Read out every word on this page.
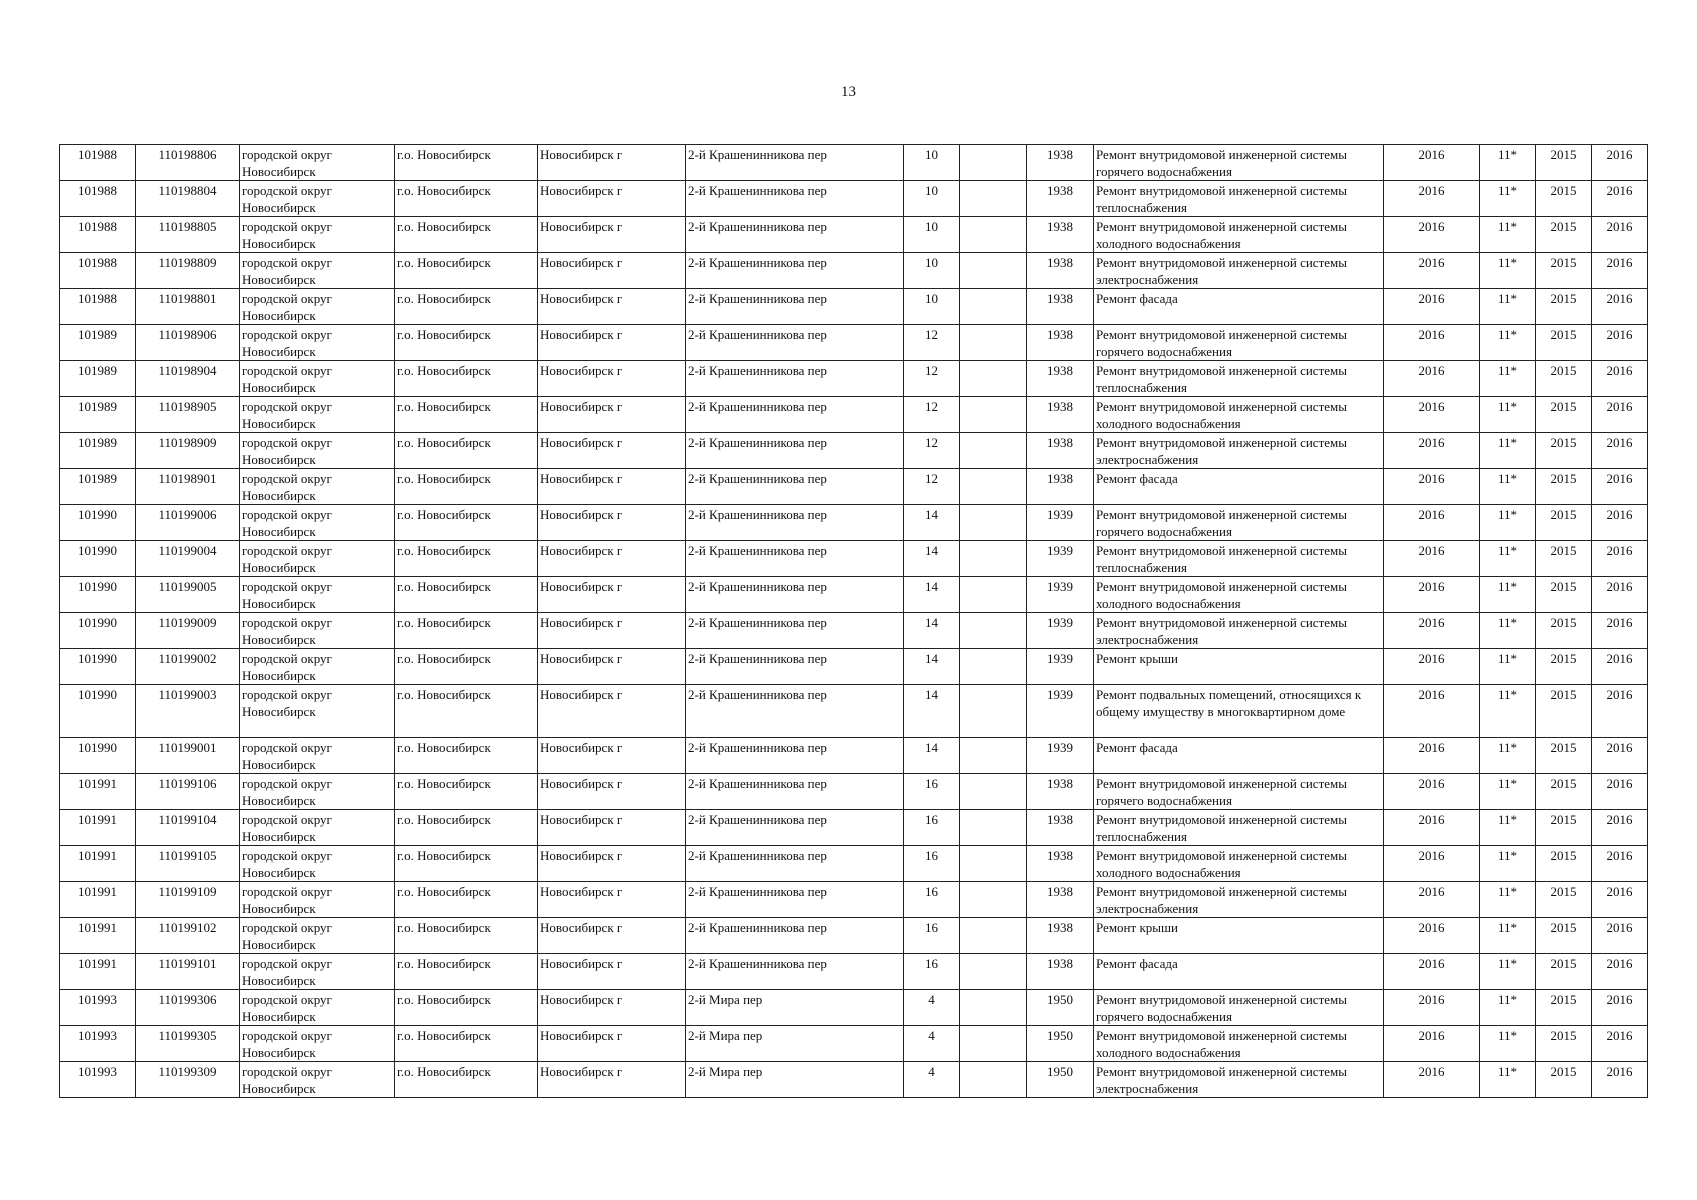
13
101988	110198806	городской округ Новосибирск	г.о. Новосибирск	Новосибирск г	2-й Крашенинникова пер	10		1938	Ремонт внутридомовой инженерной системы горячего водоснабжения	2016	11*	2015	2016
101988	110198804	городской округ Новосибирск	г.о. Новосибирск	Новосибирск г	2-й Крашенинникова пер	10		1938	Ремонт внутридомовой инженерной системы теплоснабжения	2016	11*	2015	2016
101988	110198805	городской округ Новосибирск	г.о. Новосибирск	Новосибирск г	2-й Крашенинникова пер	10		1938	Ремонт внутридомовой инженерной системы холодного водоснабжения	2016	11*	2015	2016
101988	110198809	городской округ Новосибирск	г.о. Новосибирск	Новосибирск г	2-й Крашенинникова пер	10		1938	Ремонт внутридомовой инженерной системы электроснабжения	2016	11*	2015	2016
101988	110198801	городской округ Новосибирск	г.о. Новосибирск	Новосибирск г	2-й Крашенинникова пер	10		1938	Ремонт фасада	2016	11*	2015	2016
101989	110198906	городской округ Новосибирск	г.о. Новосибирск	Новосибирск г	2-й Крашенинникова пер	12		1938	Ремонт внутридомовой инженерной системы горячего водоснабжения	2016	11*	2015	2016
101989	110198904	городской округ Новосибирск	г.о. Новосибирск	Новосибирск г	2-й Крашенинникова пер	12		1938	Ремонт внутридомовой инженерной системы теплоснабжения	2016	11*	2015	2016
101989	110198905	городской округ Новосибирск	г.о. Новосибирск	Новосибирск г	2-й Крашенинникова пер	12		1938	Ремонт внутридомовой инженерной системы холодного водоснабжения	2016	11*	2015	2016
101989	110198909	городской округ Новосибирск	г.о. Новосибирск	Новосибирск г	2-й Крашенинникова пер	12		1938	Ремонт внутридомовой инженерной системы электроснабжения	2016	11*	2015	2016
101989	110198901	городской округ Новосибирск	г.о. Новосибирск	Новосибирск г	2-й Крашенинникова пер	12		1938	Ремонт фасада	2016	11*	2015	2016
101990	110199006	городской округ Новосибирск	г.о. Новосибирск	Новосибирск г	2-й Крашенинникова пер	14		1939	Ремонт внутридомовой инженерной системы горячего водоснабжения	2016	11*	2015	2016
101990	110199004	городской округ Новосибирск	г.о. Новосибирск	Новосибирск г	2-й Крашенинникова пер	14		1939	Ремонт внутридомовой инженерной системы теплоснабжения	2016	11*	2015	2016
101990	110199005	городской округ Новосибирск	г.о. Новосибирск	Новосибирск г	2-й Крашенинникова пер	14		1939	Ремонт внутридомовой инженерной системы холодного водоснабжения	2016	11*	2015	2016
101990	110199009	городской округ Новосибирск	г.о. Новосибирск	Новосибирск г	2-й Крашенинникова пер	14		1939	Ремонт внутридомовой инженерной системы электроснабжения	2016	11*	2015	2016
101990	110199002	городской округ Новосибирск	г.о. Новосибирск	Новосибирск г	2-й Крашенинникова пер	14		1939	Ремонт крыши	2016	11*	2015	2016
101990	110199003	городской округ Новосибирск	г.о. Новосибирск	Новосибирск г	2-й Крашенинникова пер	14		1939	Ремонт подвальных помещений, относящихся к общему имуществу в многоквартирном доме	2016	11*	2015	2016
101990	110199001	городской округ Новосибирск	г.о. Новосибирск	Новосибирск г	2-й Крашенинникова пер	14		1939	Ремонт фасада	2016	11*	2015	2016
101991	110199106	городской округ Новосибирск	г.о. Новосибирск	Новосибирск г	2-й Крашенинникова пер	16		1938	Ремонт внутридомовой инженерной системы горячего водоснабжения	2016	11*	2015	2016
101991	110199104	городской округ Новосибирск	г.о. Новосибирск	Новосибирск г	2-й Крашенинникова пер	16		1938	Ремонт внутридомовой инженерной системы теплоснабжения	2016	11*	2015	2016
101991	110199105	городской округ Новосибирск	г.о. Новосибирск	Новосибирск г	2-й Крашенинникова пер	16		1938	Ремонт внутридомовой инженерной системы холодного водоснабжения	2016	11*	2015	2016
101991	110199109	городской округ Новосибирск	г.о. Новосибирск	Новосибирск г	2-й Крашенинникова пер	16		1938	Ремонт внутридомовой инженерной системы электроснабжения	2016	11*	2015	2016
101991	110199102	городской округ Новосибирск	г.о. Новосибирск	Новосибирск г	2-й Крашенинникова пер	16		1938	Ремонт крыши	2016	11*	2015	2016
101991	110199101	городской округ Новосибирск	г.о. Новосибирск	Новосибирск г	2-й Крашенинникова пер	16		1938	Ремонт фасада	2016	11*	2015	2016
101993	110199306	городской округ Новосибирск	г.о. Новосибирск	Новосибирск г	2-й Мира пер	4		1950	Ремонт внутридомовой инженерной системы горячего водоснабжения	2016	11*	2015	2016
101993	110199305	городской округ Новосибирск	г.о. Новосибирск	Новосибирск г	2-й Мира пер	4		1950	Ремонт внутридомовой инженерной системы холодного водоснабжения	2016	11*	2015	2016
101993	110199309	городской округ Новосибирск	г.о. Новосибирск	Новосибирск г	2-й Мира пер	4		1950	Ремонт внутридомовой инженерной системы электроснабжения	2016	11*	2015	2016
